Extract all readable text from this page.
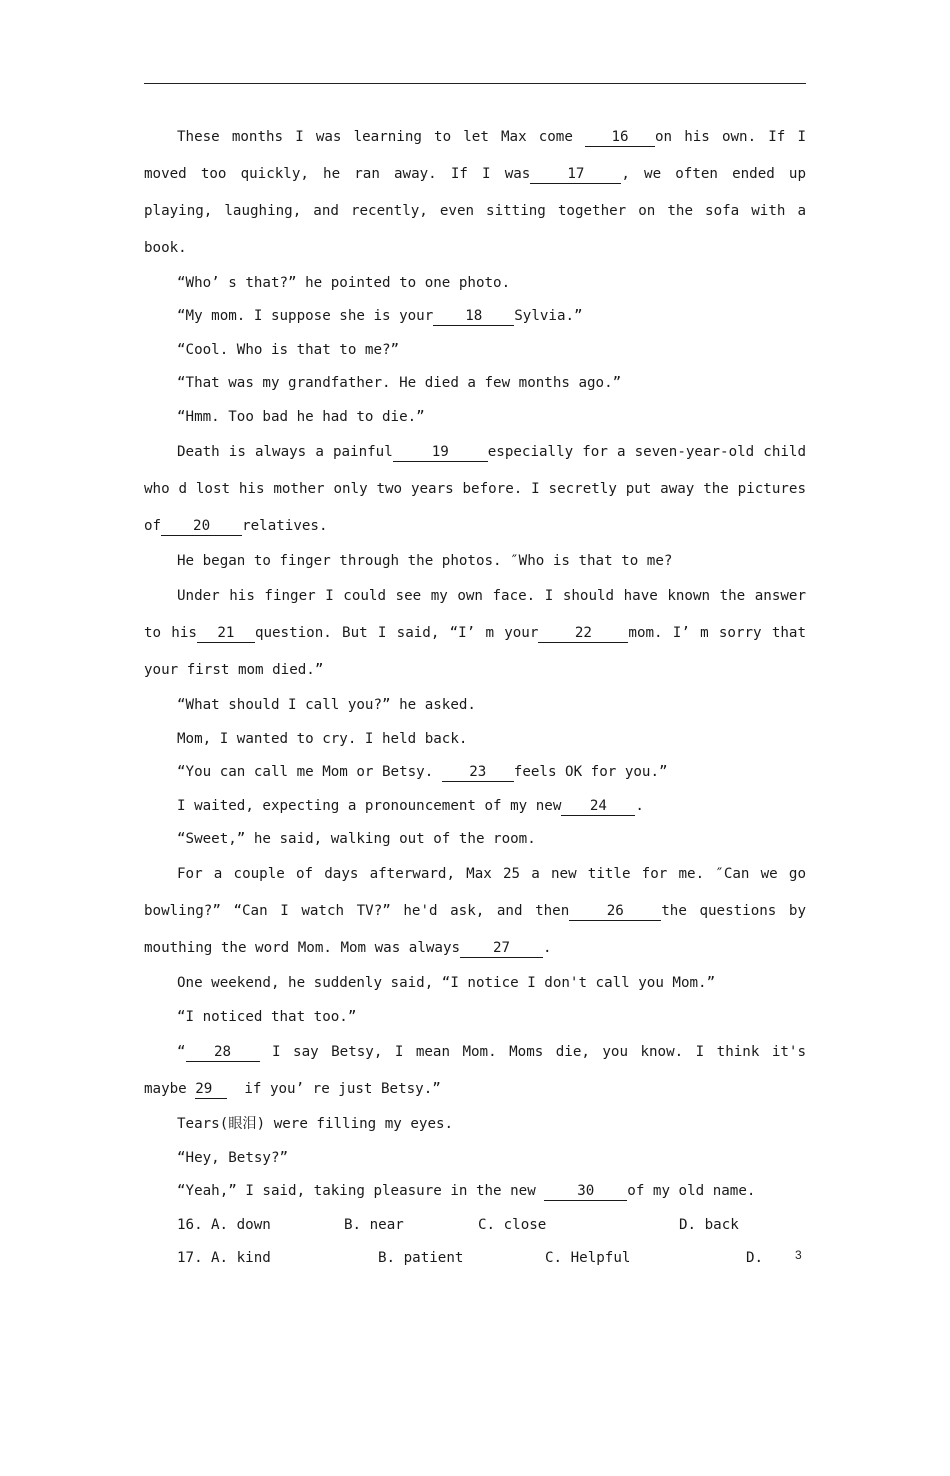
These months I was learning to let Max come 16 on his own. If I moved too quickly, he ran away. If I was	17	, we often ended up playing, laughing, and recently, even sitting together on the sofa with a book.

“Who’ s that?” he pointed to one photo.

“My mom. I suppose she is your 18 Sylvia.”

“Cool. Who is that to me?”

“That was my grandfather. He died a few months ago.”

“Hmm. Too bad he had to die.”

Death is always a painful	19	especially for a seven-year-old child who d lost his mother only two years before. I secretly put away the pictures of 20 relatives.

He began to finger through the photos. ″Who is that to me?

Under his finger I could see my own face. I should have known the answer to his 21 question. But I said, “I’ m your	22	mom. I’ m sorry that your first mom died.”

“What should I call you?” he asked.

Mom, I wanted to cry. I held back.

“You can call me Mom or Betsy. 23 feels OK for you.”

I waited, expecting a pronouncement of my new 24 .

“Sweet,” he said, walking out of the room.

For a couple of days afterward, Max 25 a new title for me. ″Can we go bowling?” “Can I watch TV?” he'd ask, and then	26	the questions by mouthing the word Mom. Mom was always 27 .

One weekend, he suddenly said, “I notice I don't call you Mom.”

“I noticed that too.”

“ 28 I say Betsy, I mean Mom. Moms die, you know. I think it's maybe 29  if you’ re just Betsy.”

Tears(眼泪) were filling my eyes.

“Hey, Betsy?”

“Yeah,” I said, taking pleasure in the new 30 of my old name.

16.

A. down

	B. near

	C. close

	D. back

17.

A. kind

	B. patient

	C. Helpful

	D.

	3
